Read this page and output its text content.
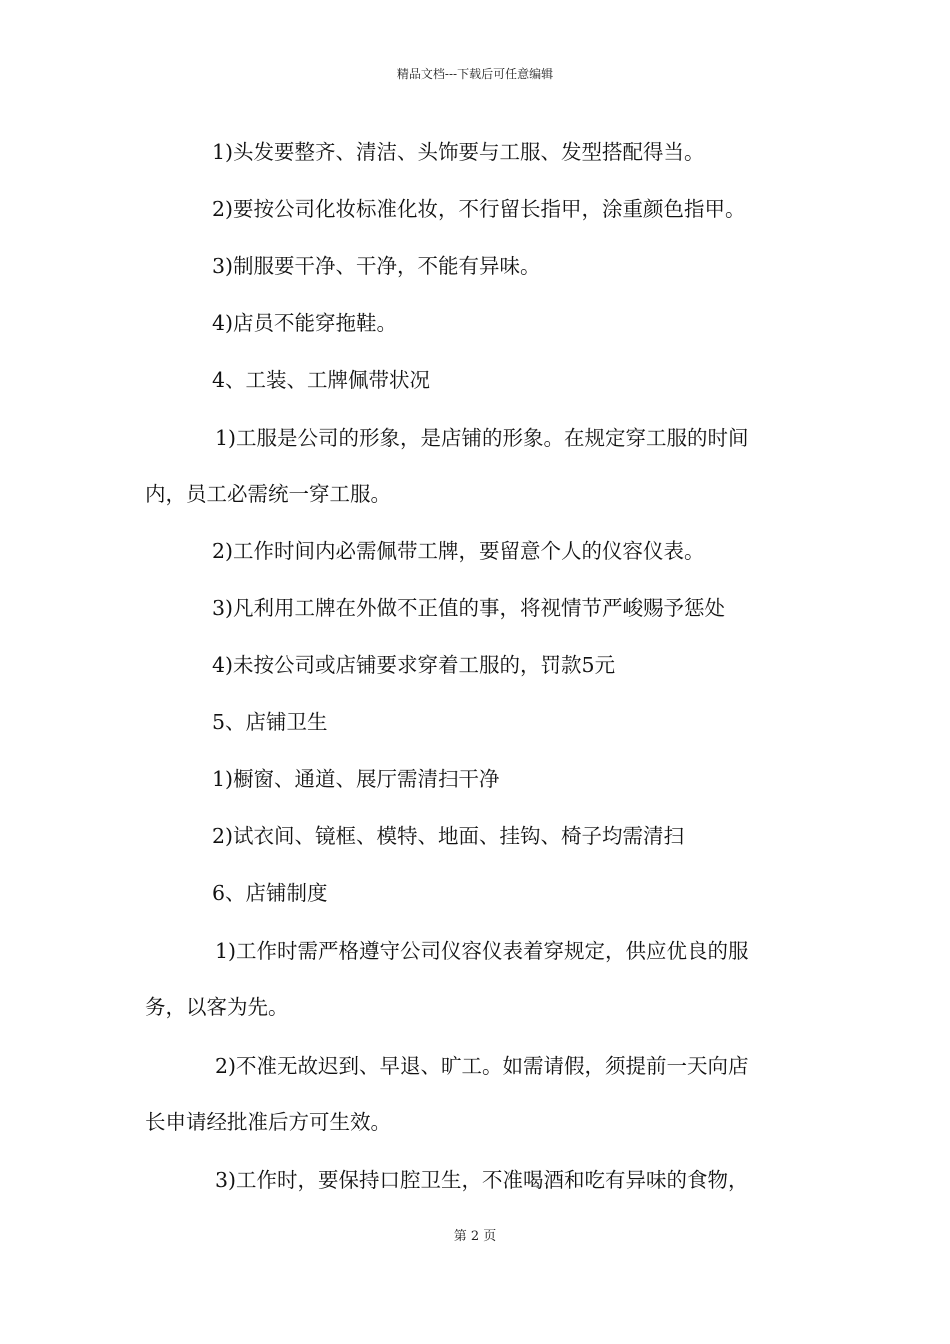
精品文档---下载后可任意编辑
1)头发要整齐、清洁、头饰要与工服、发型搭配得当。
2)要按公司化妆标准化妆，不行留长指甲，涂重颜色指甲。
3)制服要干净、干净，不能有异味。
4)店员不能穿拖鞋。
4、工装、工牌佩带状况
1)工服是公司的形象，是店铺的形象。在规定穿工服的时间
内，员工必需统一穿工服。
2)工作时间内必需佩带工牌，要留意个人的仪容仪表。
3)凡利用工牌在外做不正值的事，将视情节严峻赐予惩处
4)未按公司或店铺要求穿着工服的，罚款5元
5、店铺卫生
1)橱窗、通道、展厅需清扫干净
2)试衣间、镜框、模特、地面、挂钩、椅子均需清扫
6、店铺制度
1)工作时需严格遵守公司仪容仪表着穿规定，供应优良的服
务，以客为先。
2)不准无故迟到、早退、旷工。如需请假，须提前一天向店
长申请经批准后方可生效。
3)工作时，要保持口腔卫生，不准喝酒和吃有异味的食物，
第 2 页
